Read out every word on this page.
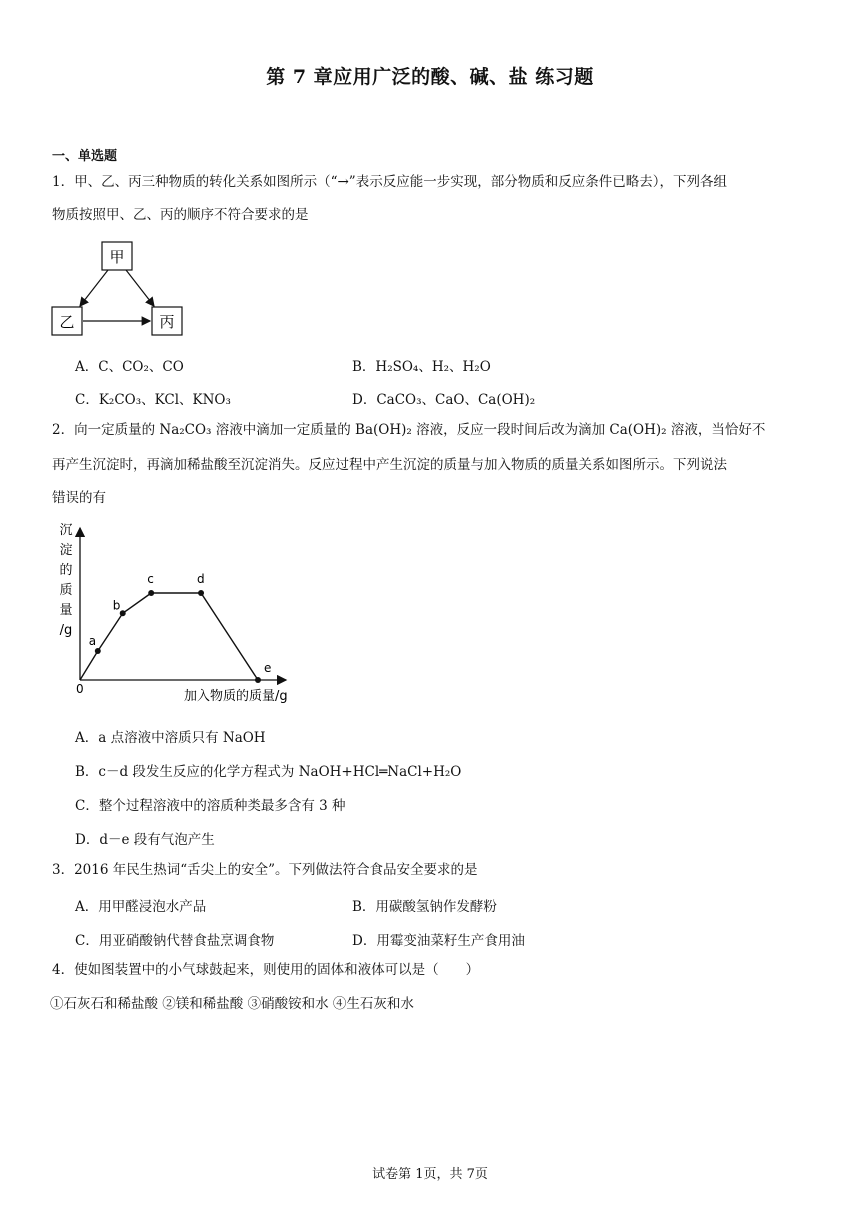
第 7 章应用广泛的酸、碱、盐 练习题
一、单选题
1．甲、乙、丙三种物质的转化关系如图所示（“→”表示反应能一步实现，部分物质和反应条件已略去），下列各组
物质按照甲、乙、丙的顺序不符合要求的是
甲
乙	丙
A．C、CO₂、CO	B．H₂SO₄、H₂、H₂O
C．K₂CO₃、KCl、KNO₃	D．CaCO₃、CaO、Ca(OH)₂
2．向一定质量的 Na₂CO₃ 溶液中滴加一定质量的 Ba(OH)₂ 溶液，反应一段时间后改为滴加 Ca(OH)₂ 溶液，当恰好不
再产生沉淀时，再滴加稀盐酸至沉淀消失。反应过程中产生沉淀的质量与加入物质的质量关系如图所示。下列说法
错误的有
沉淀的质量/g
加入物质的质量/g
0
a
b
c	d
e
A．a 点溶液中溶质只有 NaOH
B．c－d 段发生反应的化学方程式为 NaOH+HCl═NaCl+H₂O
C．整个过程溶液中的溶质种类最多含有 3 种
D．d－e 段有气泡产生
3．2016 年民生热词“舌尖上的安全”。下列做法符合食品安全要求的是
A．用甲醛浸泡水产品	B．用碳酸氢钠作发酵粉
C．用亚硝酸钠代替食盐烹调食物	D．用霉变油菜籽生产食用油
4．使如图装置中的小气球鼓起来，则使用的固体和液体可以是（　　）
①石灰石和稀盐酸 ②镁和稀盐酸 ③硝酸铵和水 ④生石灰和水
试卷第 1页，共 7页
